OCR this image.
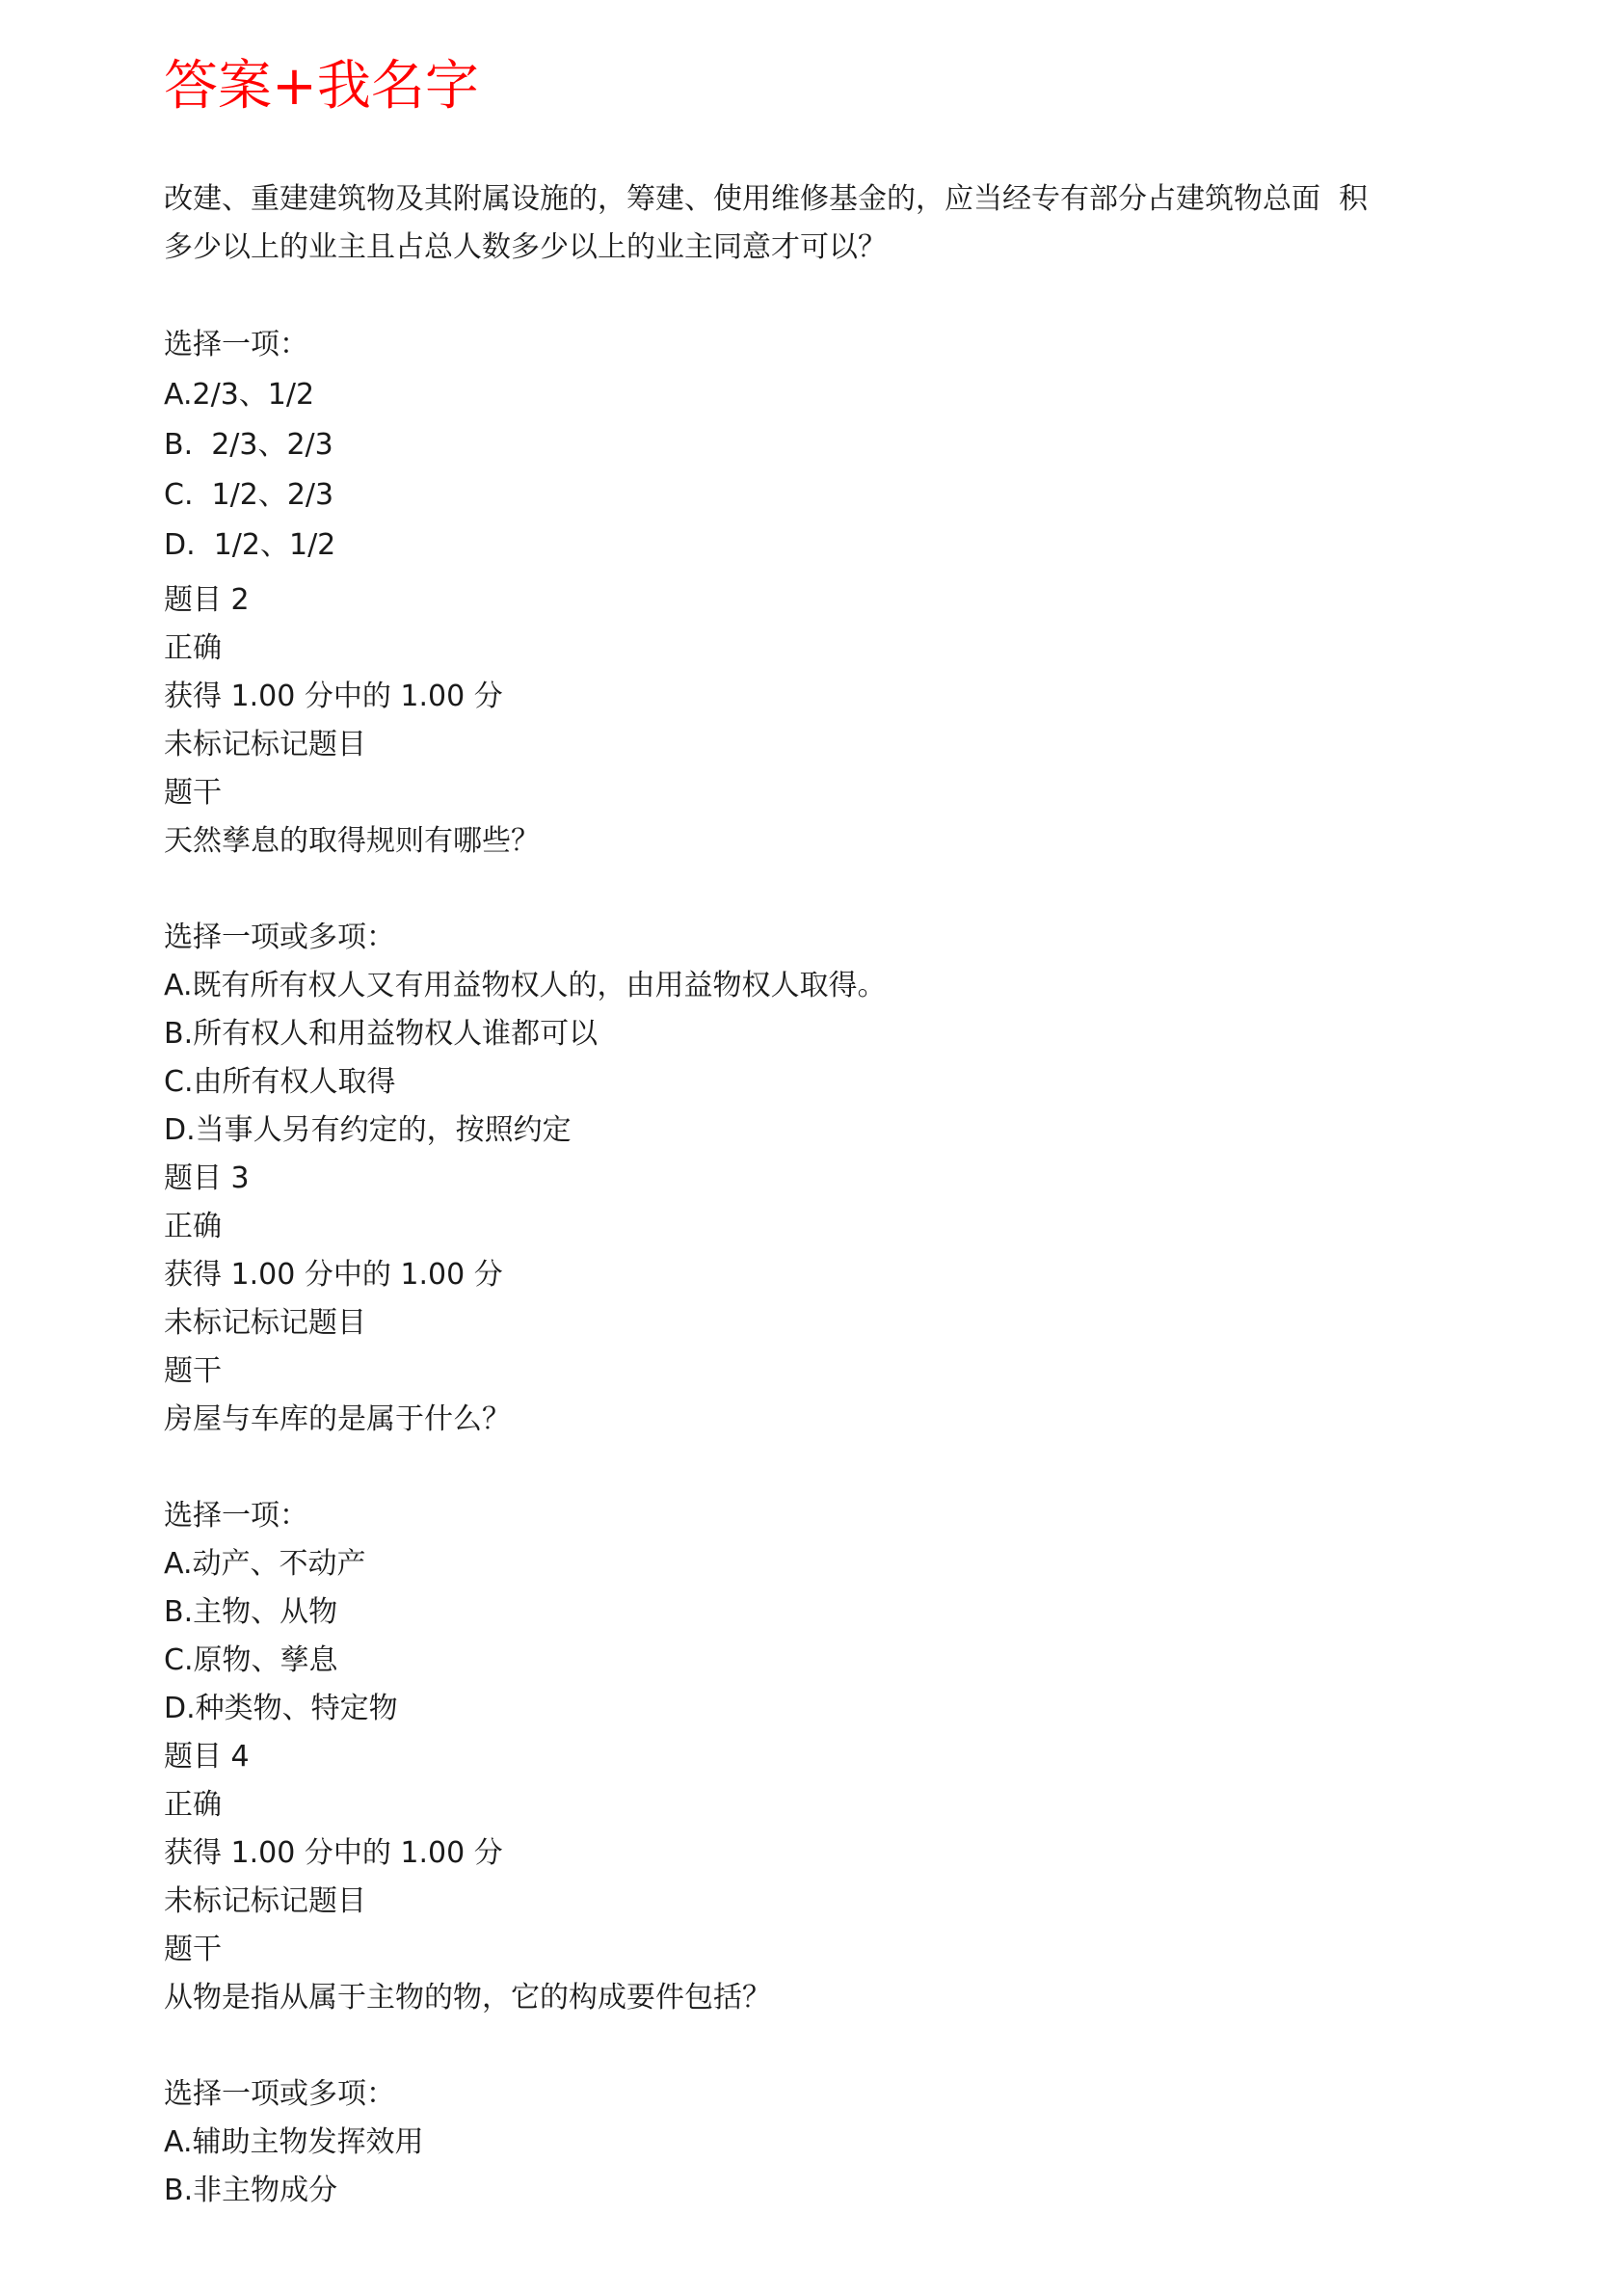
答案+我名字

改建、重建建筑物及其附属设施的，筹建、使用维修基金的，应当经专有部分占建筑物总面  积

多少以上的业主且占总人数多少以上的业主同意才可以？

选择一项：

A.2/3、1/2

B.  2/3、2/3

C.  1/2、2/3

D.  1/2、1/2

题目 2

正确

获得 1.00 分中的 1.00 分

未标记标记题目

题干

天然孳息的取得规则有哪些？

选择一项或多项：

A.既有所有权人又有用益物权人的，由用益物权人取得。

B.所有权人和用益物权人谁都可以

C.由所有权人取得

D.当事人另有约定的，按照约定

题目 3

正确

获得 1.00 分中的 1.00 分

未标记标记题目

题干

房屋与车库的是属于什么？

选择一项：

A.动产、不动产

B.主物、从物

C.原物、孳息

D.种类物、特定物

题目 4

正确

获得 1.00 分中的 1.00 分

未标记标记题目

题干

从物是指从属于主物的物，它的构成要件包括？

选择一项或多项：

A.辅助主物发挥效用

B.非主物成分
